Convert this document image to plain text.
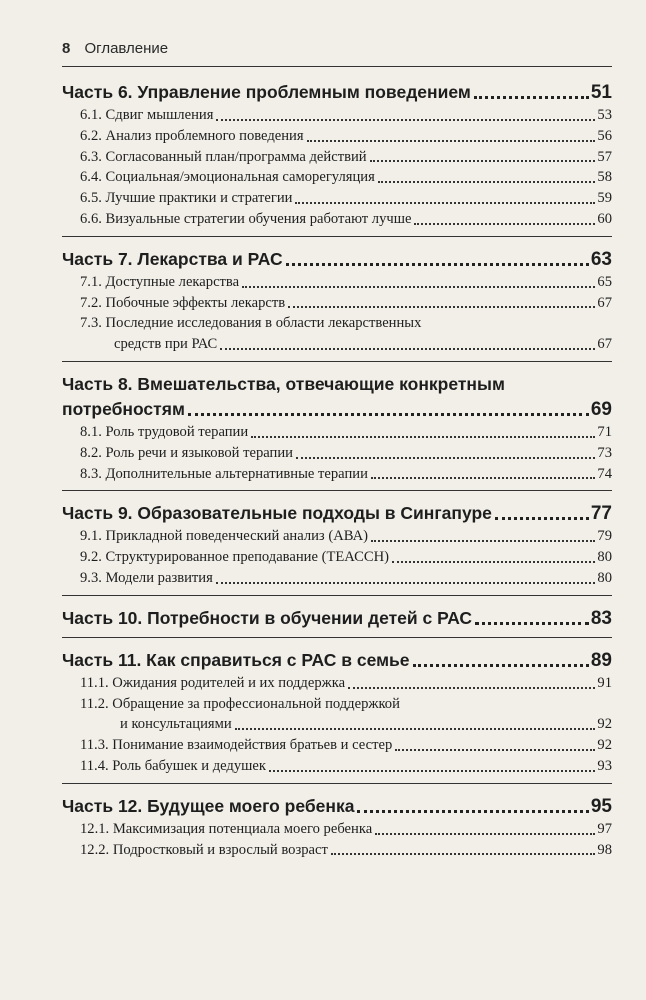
8 Оглавление
Часть 6. Управление проблемным поведением	51
6.1. Сдвиг мышления	53
6.2. Анализ проблемного поведения	56
6.3. Согласованный план/программа действий	57
6.4. Социальная/эмоциональная саморегуляция	58
6.5. Лучшие практики и стратегии	59
6.6. Визуальные стратегии обучения работают лучше	60
Часть 7. Лекарства и РАС	63
7.1. Доступные лекарства	65
7.2. Побочные эффекты лекарств	67
7.3. Последние исследования в области лекарственных
средств при РАС	67
Часть 8. Вмешательства, отвечающие конкретным
потребностям	69
8.1. Роль трудовой терапии	71
8.2. Роль речи и языковой терапии	73
8.3. Дополнительные альтернативные терапии	74
Часть 9. Образовательные подходы в Сингапуре	77
9.1. Прикладной поведенческий анализ (АВА)	79
9.2. Структурированное преподавание (ТЕАССН)	80
9.3. Модели развития	80
Часть 10. Потребности в обучении детей с РАС	83
Часть 11. Как справиться с РАС в семье	89
11.1. Ожидания родителей и их поддержка	91
11.2. Обращение за профессиональной поддержкой
и консультациями	92
11.3. Понимание взаимодействия братьев и сестер	92
11.4. Роль бабушек и дедушек	93
Часть 12. Будущее моего ребенка	95
12.1. Максимизация потенциала моего ребенка	97
12.2. Подростковый и взрослый возраст	98
